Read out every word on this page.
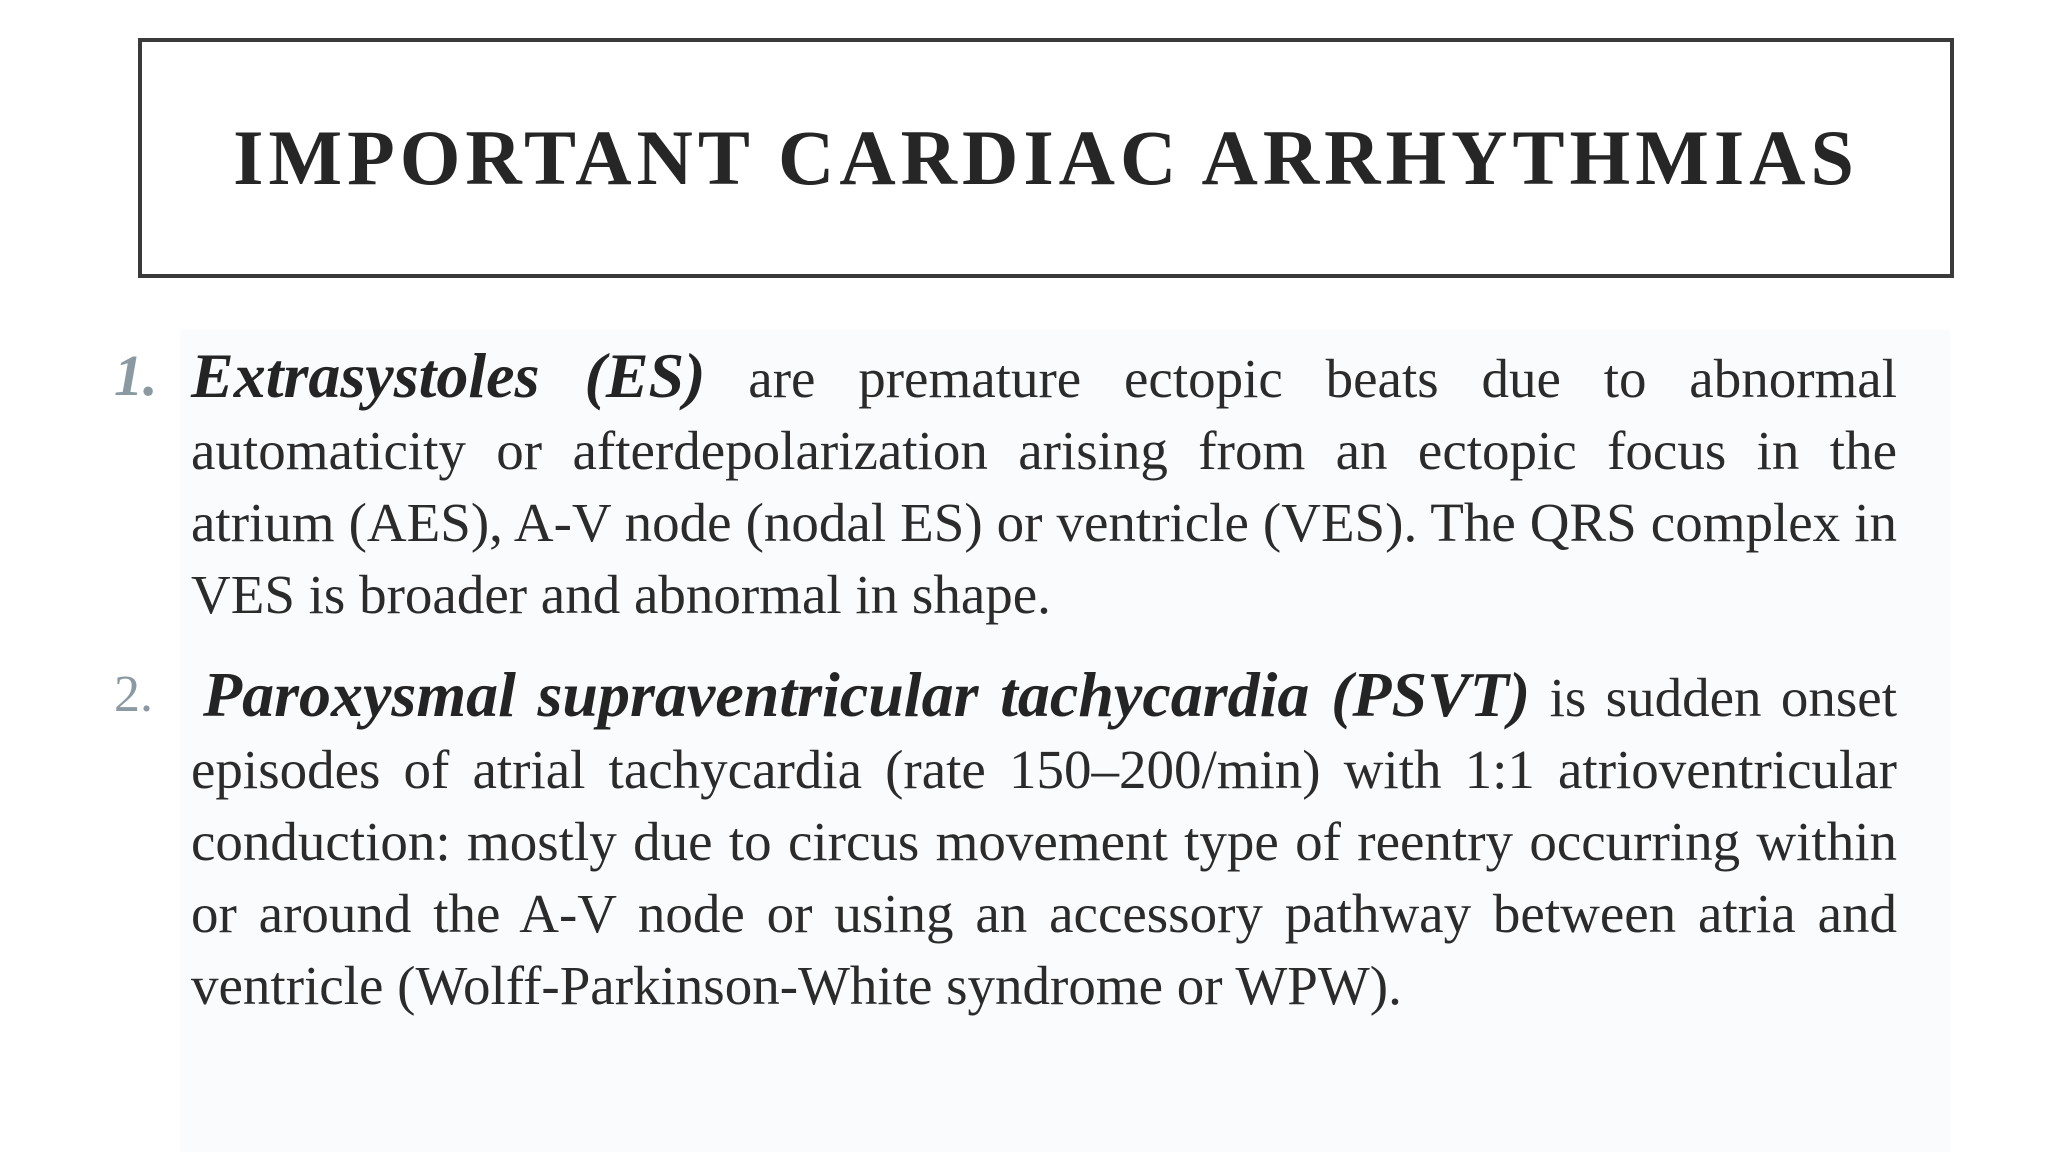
IMPORTANT CARDIAC ARRHYTHMIAS
1. Extrasystoles (ES) are premature ectopic beats due to abnormal automaticity or afterdepolarization arising from an ectopic focus in the atrium (AES), A-V node (nodal ES) or ventricle (VES). The QRS complex in VES is broader and abnormal in shape.
2. Paroxysmal supraventricular tachycardia (PSVT) is sudden onset episodes of atrial tachycardia (rate 150–200/min) with 1:1 atrioventricular conduction: mostly due to circus movement type of reentry occurring within or around the A-V node or using an accessory pathway between atria and ventricle (Wolff-Parkinson-White syndrome or WPW).
